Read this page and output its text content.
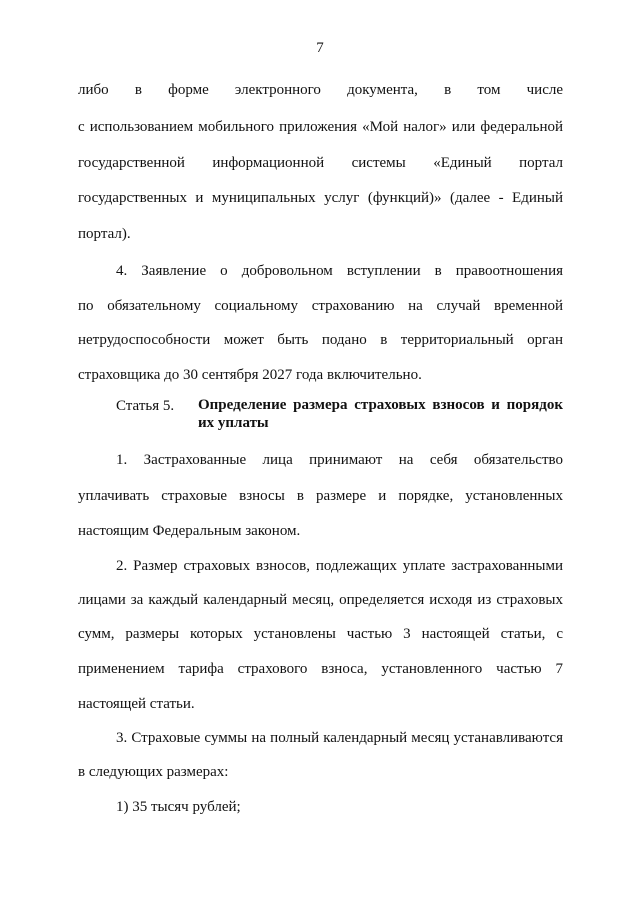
7
либо в форме электронного документа, в том числе
с использованием мобильного приложения «Мой налог» или федеральной
государственной информационной системы «Единый портал
государственных и муниципальных услуг (функций)» (далее - Единый
портал).
4. Заявление о добровольном вступлении в правоотношения
по обязательному социальному страхованию на случай временной
нетрудоспособности может быть подано в территориальный орган
страховщика до 30 сентября 2027 года включительно.
Статья 5. Определение размера страховых взносов и порядок
их уплаты
1. Застрахованные лица принимают на себя обязательство
уплачивать страховые взносы в размере и порядке, установленных
настоящим Федеральным законом.
2. Размер страховых взносов, подлежащих уплате застрахованными
лицами за каждый календарный месяц, определяется исходя из страховых
сумм, размеры которых установлены частью 3 настоящей статьи, с
применением тарифа страхового взноса, установленного частью 7
настоящей статьи.
3. Страховые суммы на полный календарный месяц устанавливаются
в следующих размерах:
1) 35 тысяч рублей;
